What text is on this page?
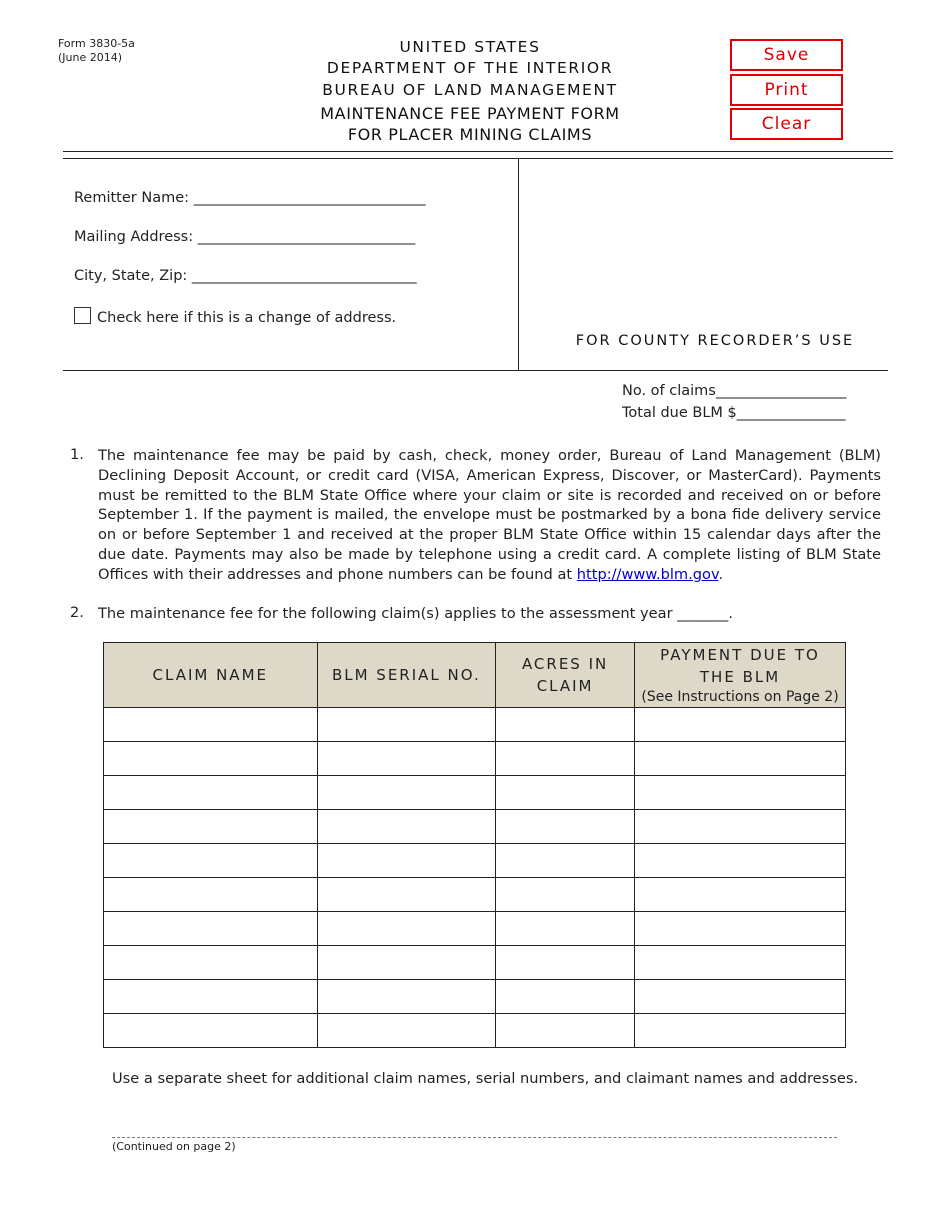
Form 3830-5a
(June 2014)
UNITED STATES
DEPARTMENT OF THE INTERIOR
BUREAU OF LAND MANAGEMENT
MAINTENANCE FEE PAYMENT FORM
FOR PLACER MINING CLAIMS
Save
Print
Clear
Remitter Name: ________________________________
Mailing Address: ______________________________
City, State, Zip: _______________________________
Check here if this is a change of address.
FOR COUNTY RECORDER’S USE
No. of claims__________________
Total due BLM $_______________
1. The maintenance fee may be paid by cash, check, money order, Bureau of Land Management (BLM) Declining Deposit Account, or credit card (VISA, American Express, Discover, or MasterCard). Payments must be remitted to the BLM State Office where your claim or site is recorded and received on or before September 1. If the payment is mailed, the envelope must be postmarked by a bona fide delivery service on or before September 1 and received at the proper BLM State Office within 15 calendar days after the due date. Payments may also be made by telephone using a credit card. A complete listing of BLM State Offices with their addresses and phone numbers can be found at http://www.blm.gov.
2. The maintenance fee for the following claim(s) applies to the assessment year _______.
CLAIM NAME	BLM SERIAL NO.	ACRES IN CLAIM	PAYMENT DUE TO THE BLM
(See Instructions on Page 2)

Use a separate sheet for additional claim names, serial numbers, and claimant names and addresses.
(Continued on page 2)
